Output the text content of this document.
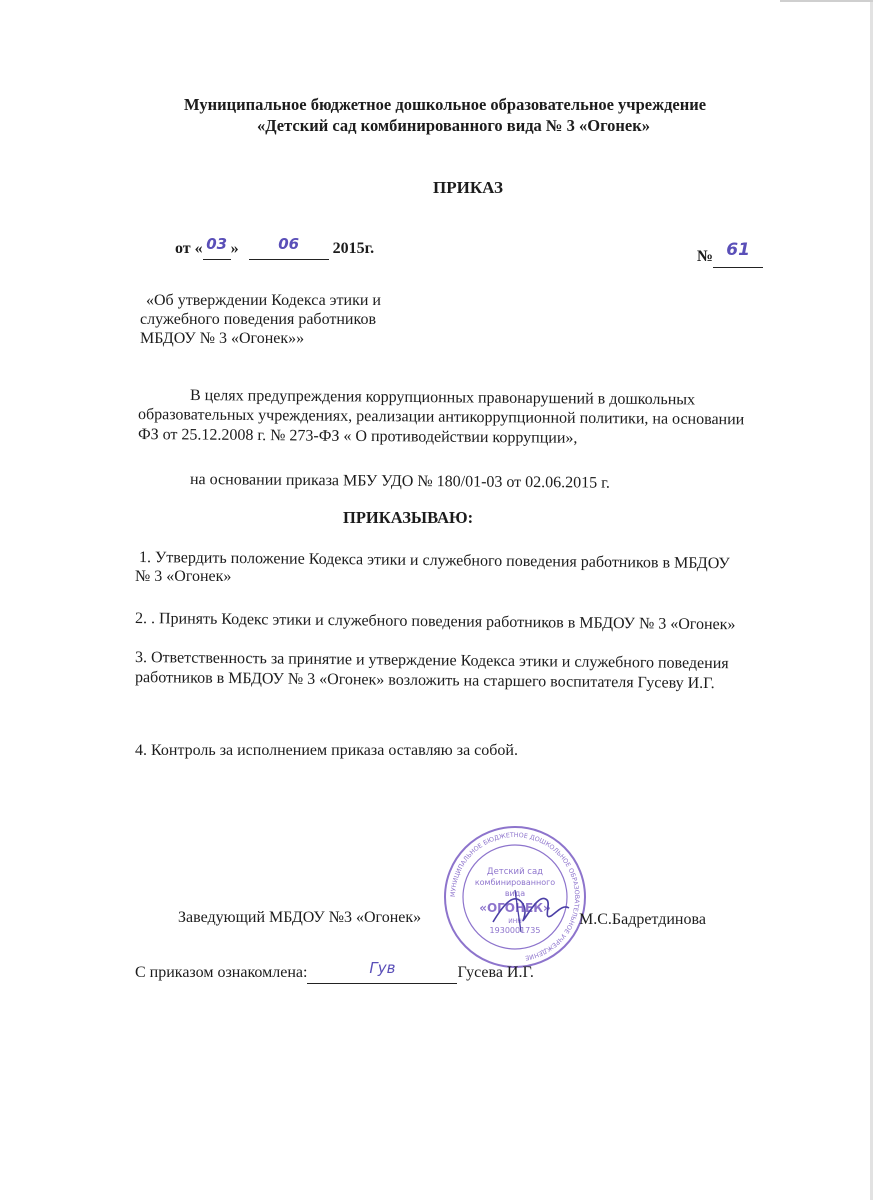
Муниципальное бюджетное дошкольное образовательное учреждение
«Детский сад комбинированного вида № 3 «Огонек»
ПРИКАЗ
от « 03 »	06 2015г.	№ 61
«Об утверждении Кодекса этики и
служебного поведения работников
МБДОУ № 3 «Огонек»»
В целях предупреждения коррупционных правонарушений в дошкольных
образовательных учреждениях, реализации антикоррупционной политики, на основании
ФЗ от 25.12.2008 г. № 273-ФЗ « О противодействии коррупции»,
на основании приказа МБУ УДО № 180/01-03 от 02.06.2015 г.
ПРИКАЗЫВАЮ:
1. Утвердить положение Кодекса этики и служебного поведения работников в МБДОУ
№ 3 «Огонек»
2. . Принять Кодекс этики и служебного поведения работников в МБДОУ № 3 «Огонек»
3. Ответственность за принятие и утверждение Кодекса этики и служебного поведения
работников в МБДОУ № 3 «Огонек» возложить на старшего воспитателя Гусеву И.Г.
4. Контроль за исполнением приказа оставляю за собой.
МУНИЦИПАЛЬНОЕ БЮДЖЕТНОЕ ДОШКОЛЬНОЕ ОБРАЗОВАТЕЛЬНОЕ УЧРЕЖДЕНИЕ
Детский сад
комбинированного
вида
«ОГОНЕК»
ИНН
1930001735
Заведующий МБДОУ №3 «Огонек»	М.С.Бадретдинова
С приказом ознакомлена:	Гув	Гусева И.Г.
